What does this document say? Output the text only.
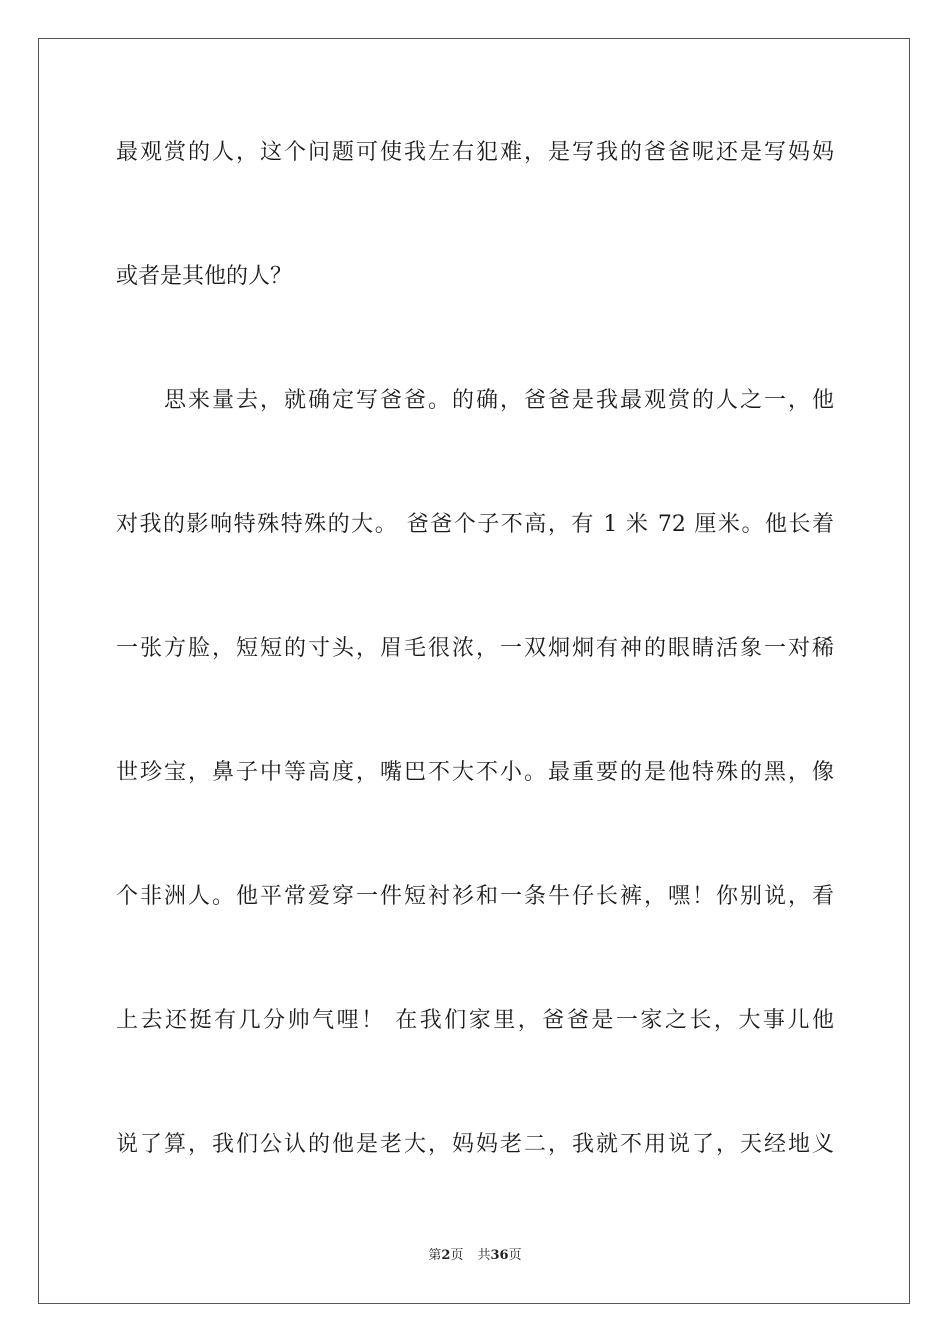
最观赏的人，这个问题可使我左右犯难，是写我的爸爸呢还是写妈妈
或者是其他的人？
思来量去，就确定写爸爸。的确，爸爸是我最观赏的人之一，他
对我的影响特殊特殊的大。 爸爸个子不高，有 1 米 72 厘米。他长着
一张方脸，短短的寸头，眉毛很浓，一双炯炯有神的眼睛活象一对稀
世珍宝，鼻子中等高度，嘴巴不大不小。最重要的是他特殊的黑，像
个非洲人。他平常爱穿一件短衬衫和一条牛仔长裤，嘿！你别说，看
上去还挺有几分帅气哩！ 在我们家里，爸爸是一家之长，大事儿他
说了算，我们公认的他是老大，妈妈老二，我就不用说了，天经地义
第2页 共36页
